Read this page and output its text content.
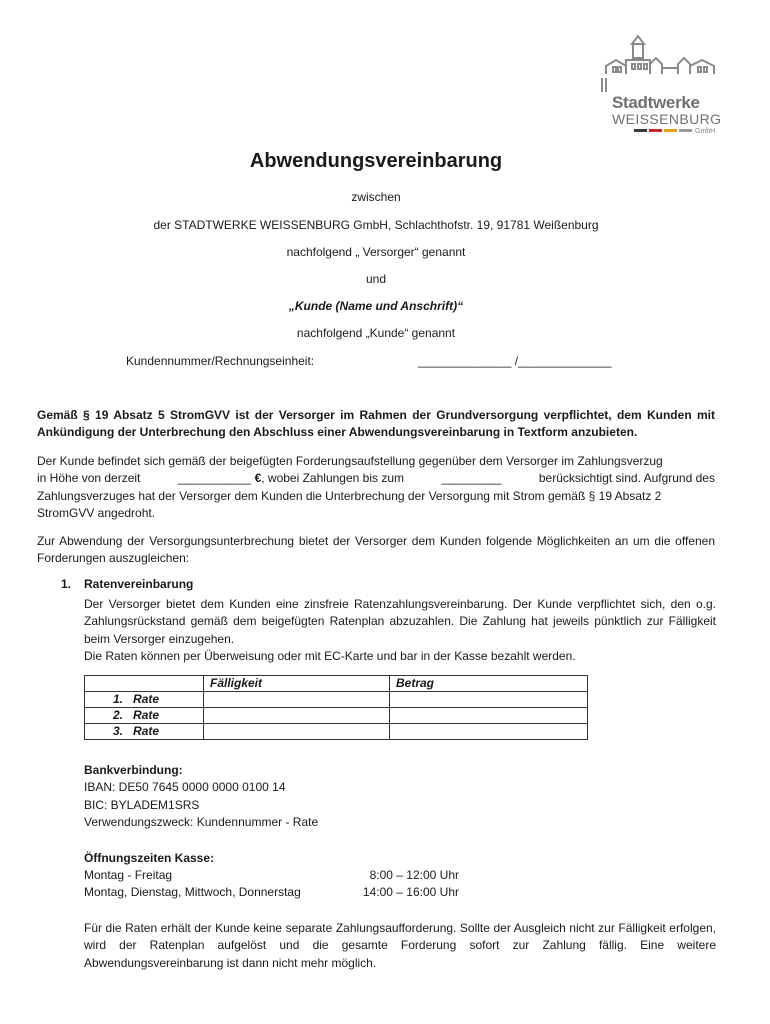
Stadtwerke
WEISSENBURG
GmbH
Abwendungsvereinbarung
zwischen
der STADTWERKE WEISSENBURG GmbH, Schlachthofstr. 19, 91781 Weißenburg
nachfolgend „ Versorger“ genannt
und
„Kunde (Name und Anschrift)“
nachfolgend „Kunde“ genannt
Kundennummer/Rechnungseinheit:	______________ /______________
Gemäß § 19 Absatz 5 StromGVV ist der Versorger im Rahmen der Grundversorgung verpflichtet, dem Kunden mit Ankündigung der Unterbrechung den Abschluss einer Abwendungsvereinbarung in Textform anzubieten.
Der Kunde befindet sich gemäß der beigefügten Forderungsaufstellung gegenüber dem Versorger im Zahlungsverzug
in Höhe von derzeit	___________ €, wobei Zahlungen bis zum	_________	berücksichtigt sind. Aufgrund des
Zahlungsverzuges hat der Versorger dem Kunden die Unterbrechung der Versorgung mit Strom gemäß § 19 Absatz 2
StromGVV angedroht.
Zur Abwendung der Versorgungsunterbrechung bietet der Versorger dem Kunden folgende Möglichkeiten an um die offenen Forderungen auszugleichen:
1. Ratenvereinbarung
Der Versorger bietet dem Kunden eine zinsfreie Ratenzahlungsvereinbarung. Der Kunde verpflichtet sich, den o.g. Zahlungsrückstand gemäß dem beigefügten Ratenplan abzuzahlen. Die Zahlung hat jeweils pünktlich zur Fälligkeit beim Versorger einzugehen.
Die Raten können per Überweisung oder mit EC-Karte und bar in der Kasse bezahlt werden.
	Fälligkeit	Betrag
1. Rate		
2. Rate		
3. Rate		
Bankverbindung:
IBAN: DE50 7645 0000 0000 0100 14
BIC: BYLADEM1SRS
Verwendungszweck: Kundennummer - Rate
Öffnungszeiten Kasse:
Montag - Freitag	8:00 – 12:00 Uhr
Montag, Dienstag, Mittwoch, Donnerstag	14:00 – 16:00 Uhr
Für die Raten erhält der Kunde keine separate Zahlungsaufforderung. Sollte der Ausgleich nicht zur Fälligkeit erfolgen, wird der Ratenplan aufgelöst und die gesamte Forderung sofort zur Zahlung fällig. Eine weitere Abwendungsvereinbarung ist dann nicht mehr möglich.
